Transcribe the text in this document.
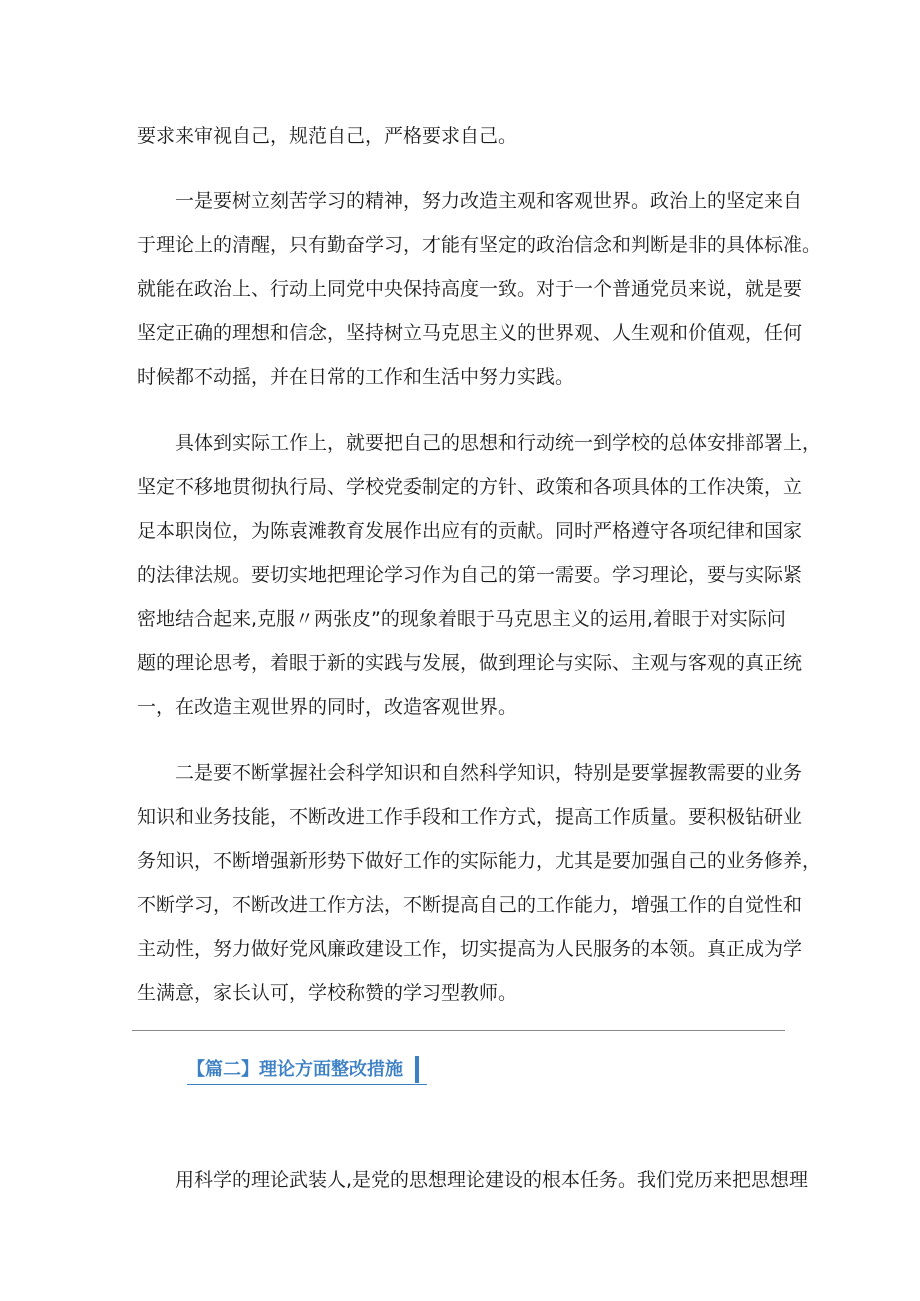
要求来审视自己，规范自己，严格要求自己。
一是要树立刻苦学习的精神，努力改造主观和客观世界。政治上的坚定来自
于理论上的清醒，只有勤奋学习，才能有坚定的政治信念和判断是非的具体标准。
就能在政治上、行动上同党中央保持高度一致。对于一个普通党员来说，就是要
坚定正确的理想和信念，坚持树立马克思主义的世界观、人生观和价值观，任何
时候都不动摇，并在日常的工作和生活中努力实践。
具体到实际工作上，就要把自己的思想和行动统一到学校的总体安排部署上，
坚定不移地贯彻执行局、学校党委制定的方针、政策和各项具体的工作决策，立
足本职岗位，为陈袁滩教育发展作出应有的贡献。同时严格遵守各项纪律和国家
的法律法规。要切实地把理论学习作为自己的第一需要。学习理论，要与实际紧
密地结合起来,克服〃两张皮”的现象着眼于马克思主义的运用,着眼于对实际问
题的理论思考，着眼于新的实践与发展，做到理论与实际、主观与客观的真正统
一，在改造主观世界的同时，改造客观世界。
二是要不断掌握社会科学知识和自然科学知识，特别是要掌握教需要的业务
知识和业务技能，不断改进工作手段和工作方式，提高工作质量。要积极钻研业
务知识，不断增强新形势下做好工作的实际能力，尤其是要加强自己的业务修养，
不断学习，不断改进工作方法，不断提高自己的工作能力，增强工作的自觉性和
主动性，努力做好党风廉政建设工作，切实提高为人民服务的本领。真正成为学
生满意，家长认可，学校称赞的学习型教师。
【篇二】理论方面整改措施
用科学的理论武装人,是党的思想理论建设的根本任务。我们党历来把思想理
